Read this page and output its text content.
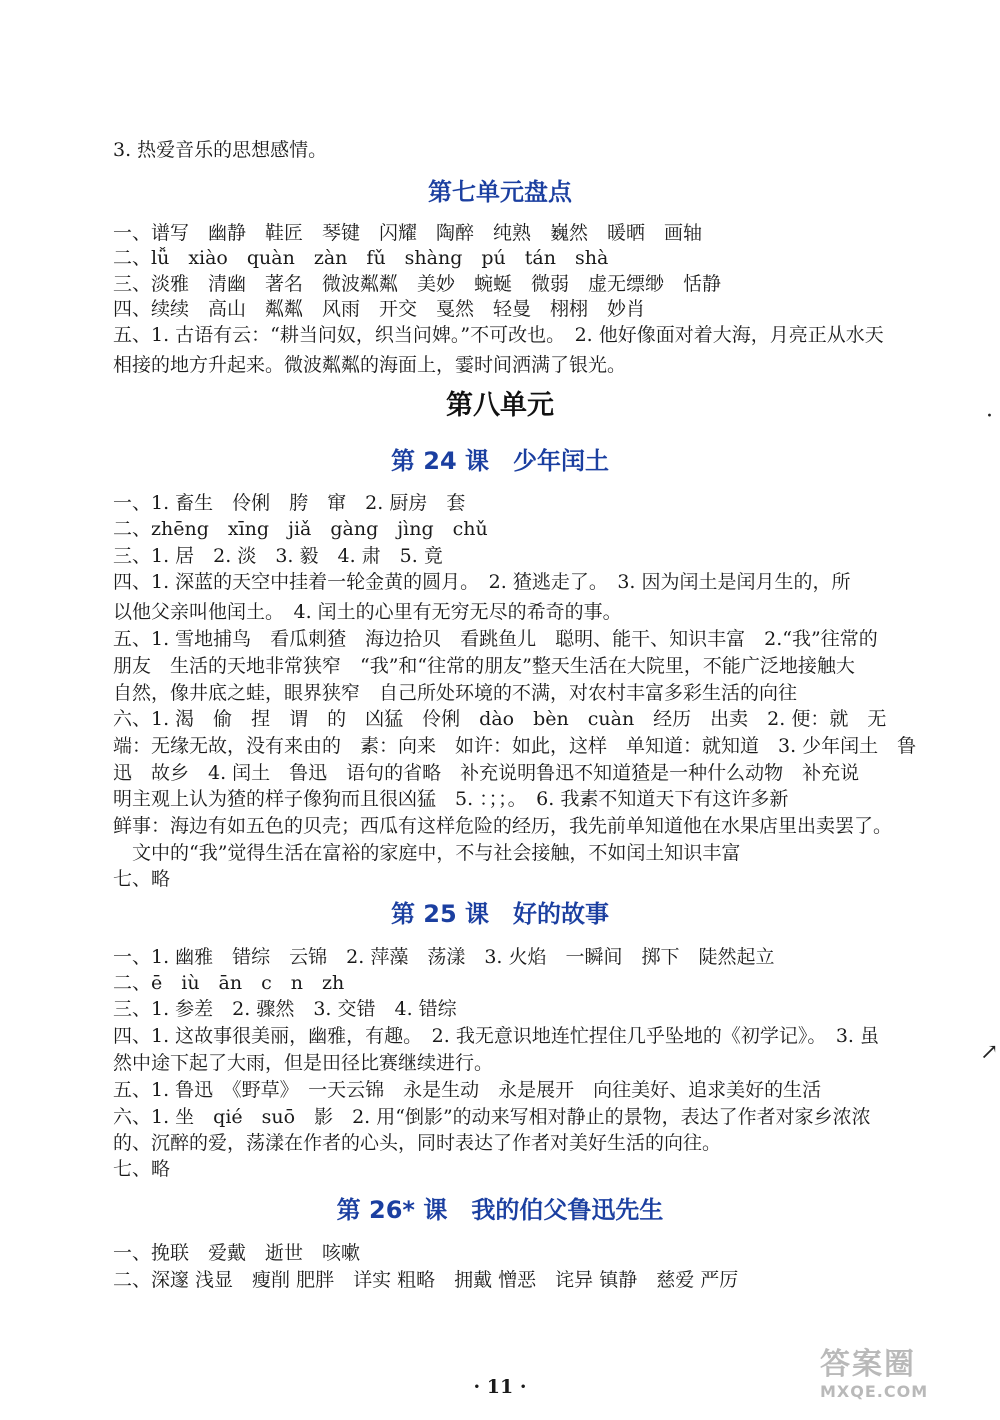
3. 热爱音乐的思想感情。
第七单元盘点
一、谱写　幽静　鞋匠　琴键　闪耀　陶醉　纯熟　巍然　暖晒　画轴
二、lǚ　xiào　quàn　zàn　fǔ　shàng　pú　tán　shà
三、淡雅　清幽　著名　微波粼粼　美妙　蜿蜒　微弱　虚无缥缈　恬静
四、续续　高山　粼粼　风雨　开交　戛然　轻曼　栩栩　妙肖
五、1. 古语有云：“耕当问奴，织当问婢。”不可改也。　2. 他好像面对着大海，月亮正从水天
相接的地方升起来。微波粼粼的海面上，霎时间洒满了银光。
第八单元
第 24 课　少年闰土
一、1. 畜生　伶俐　胯　窜　2. 厨房　套
二、zhēng　xīng　jiǎ　gàng　jìng　chǔ
三、1. 居　2. 淡　3. 毅　4. 肃　5. 竟
四、1. 深蓝的天空中挂着一轮金黄的圆月。　2. 猹逃走了。　3. 因为闰土是闰月生的，所
以他父亲叫他闰土。　4. 闰土的心里有无穷无尽的希奇的事。
五、1. 雪地捕鸟　看瓜刺猹　海边拾贝　看跳鱼儿　聪明、能干、知识丰富　2.“我”往常的
朋友　生活的天地非常狭窄　“我”和“往常的朋友”整天生活在大院里，不能广泛地接触大
自然，像井底之蛙，眼界狭窄　自己所处环境的不满，对农村丰富多彩生活的向往
六、1. 渴　偷　捏　谓　的　凶猛　伶俐　dào　bèn　cuàn　经历　出卖　2. 便：就　无
端：无缘无故，没有来由的　素：向来　如许：如此，这样　单知道：就知道　3. 少年闰土　鲁
迅　故乡　4. 闰土　鲁迅　语句的省略　补充说明鲁迅不知道猹是一种什么动物　补充说
明主观上认为猹的样子像狗而且很凶猛　5. ：；；。　6. 我素不知道天下有这许多新
鲜事：海边有如五色的贝壳；西瓜有这样危险的经历，我先前单知道他在水果店里出卖罢了。
　文中的“我”觉得生活在富裕的家庭中，不与社会接触，不如闰土知识丰富
七、略
第 25 课　好的故事
一、1. 幽雅　错综　云锦　2. 萍藻　荡漾　3. 火焰　一瞬间　掷下　陡然起立
二、ē　iù　ān　c　n　zh
三、1. 参差　2. 骤然　3. 交错　4. 错综
四、1. 这故事很美丽，幽雅，有趣。　2. 我无意识地连忙捏住几乎坠地的《初学记》。　3. 虽
然中途下起了大雨，但是田径比赛继续进行。
五、1. 鲁迅　《野草》　一天云锦　永是生动　永是展开　向往美好、追求美好的生活
六、1. 坐　qié　suō　影　2. 用“倒影”的动来写相对静止的景物，表达了作者对家乡浓浓
的、沉醉的爱，荡漾在作者的心头，同时表达了作者对美好生活的向往。
七、略
第 26* 课　我的伯父鲁迅先生
一、挽联　爱戴　逝世　咳嗽
二、深邃 浅显　瘦削 肥胖　详实 粗略　拥戴 憎恶　诧异 镇静　慈爱 严厉
· 11 ·
·
↗
答案圈
MXQE.COM
